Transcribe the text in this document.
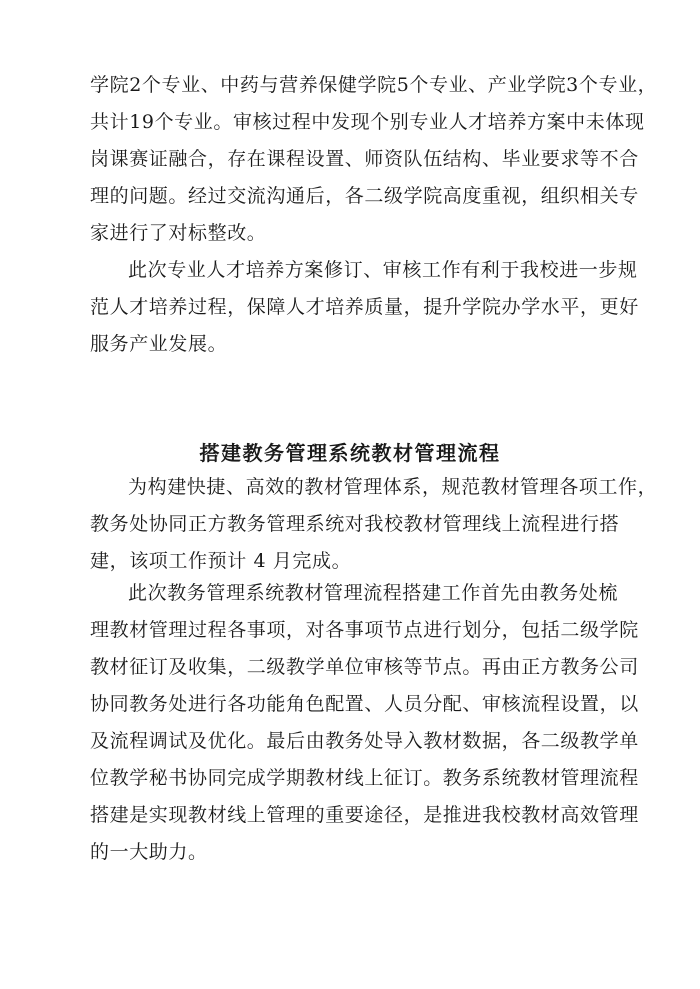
学院2个专业、中药与营养保健学院5个专业、产业学院3个专业，
共计19个专业。审核过程中发现个别专业人才培养方案中未体现
岗课赛证融合，存在课程设置、师资队伍结构、毕业要求等不合
理的问题。经过交流沟通后，各二级学院高度重视，组织相关专
家进行了对标整改。
此次专业人才培养方案修订、审核工作有利于我校进一步规
范人才培养过程，保障人才培养质量，提升学院办学水平，更好
服务产业发展。
搭建教务管理系统教材管理流程
为构建快捷、高效的教材管理体系，规范教材管理各项工作，
教务处协同正方教务管理系统对我校教材管理线上流程进行搭
建，该项工作预计 4 月完成。
此次教务管理系统教材管理流程搭建工作首先由教务处梳
理教材管理过程各事项，对各事项节点进行划分，包括二级学院
教材征订及收集，二级教学单位审核等节点。再由正方教务公司
协同教务处进行各功能角色配置、人员分配、审核流程设置，以
及流程调试及优化。最后由教务处导入教材数据，各二级教学单
位教学秘书协同完成学期教材线上征订。教务系统教材管理流程
搭建是实现教材线上管理的重要途径，是推进我校教材高效管理
的一大助力。
